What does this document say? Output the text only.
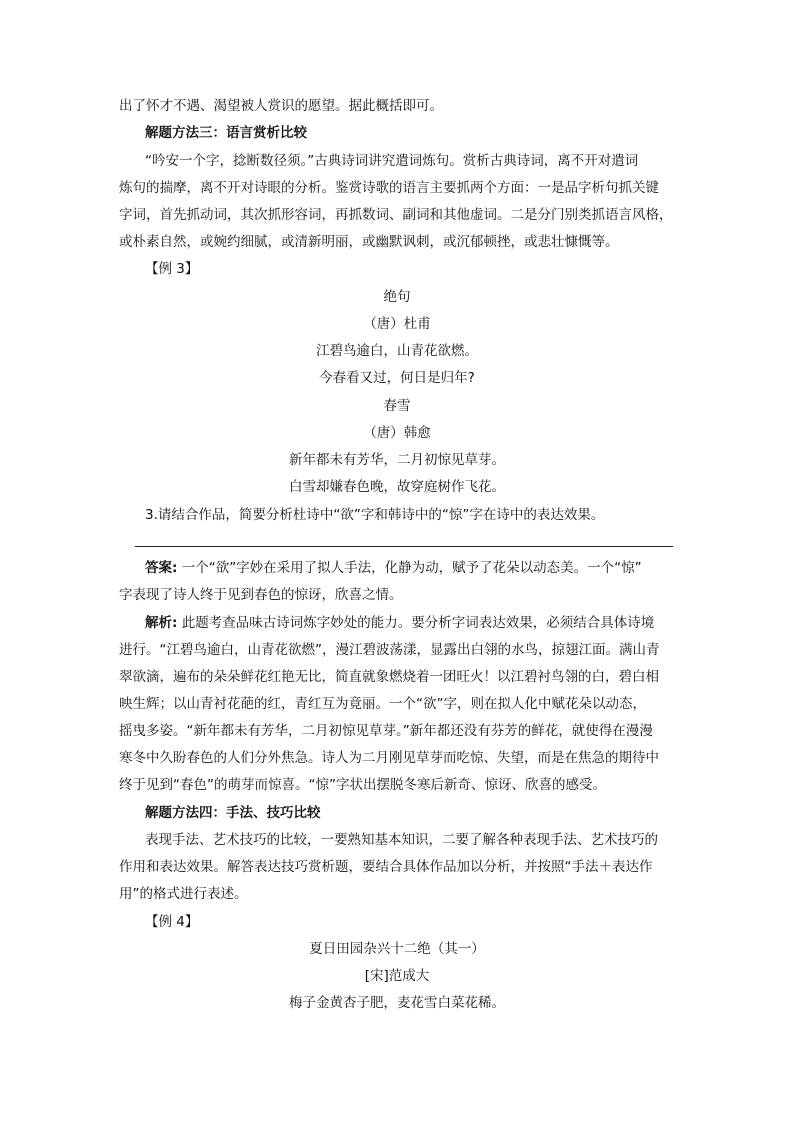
出了怀才不遇、渴望被人赏识的愿望。据此概括即可。
解题方法三：语言赏析比较
“吟安一个字，捻断数径须。”古典诗词讲究遣词炼句。赏析古典诗词，离不开对遣词
炼句的揣摩，离不开对诗眼的分析。鉴赏诗歌的语言主要抓两个方面：一是品字析句抓关键
字词，首先抓动词，其次抓形容词，再抓数词、副词和其他虚词。二是分门别类抓语言风格，
或朴素自然，或婉约细腻，或清新明丽，或幽默讽刺，或沉郁顿挫，或悲壮慷慨等。
【例 3】
绝句
（唐）杜甫
江碧鸟逾白，山青花欲燃。
今春看又过，何日是归年?
春雪
（唐）韩愈
新年都未有芳华，二月初惊见草芽。
白雪却嫌春色晚，故穿庭树作飞花。
3.请结合作品，简要分析杜诗中“欲”字和韩诗中的“惊”字在诗中的表达效果。
答案: 一个“欲”字妙在采用了拟人手法，化静为动，赋予了花朵以动态美。一个“惊”
字表现了诗人终于见到春色的惊讶，欣喜之情。
解析: 此题考查品味古诗词炼字妙处的能力。要分析字词表达效果，必须结合具体诗境
进行。“江碧鸟逾白，山青花欲燃”，漫江碧波荡漾，显露出白翎的水鸟，掠翅江面。满山青
翠欲滴，遍布的朵朵鲜花红艳无比，简直就象燃烧着一团旺火！以江碧衬鸟翎的白，碧白相
映生辉；以山青衬花葩的红，青红互为竟丽。一个“欲”字，则在拟人化中赋花朵以动态，
摇曳多姿。“新年都未有芳华，二月初惊见草芽。”新年都还没有芬芳的鲜花，就使得在漫漫
寒冬中久盼春色的人们分外焦急。诗人为二月刚见草芽而吃惊、失望，而是在焦急的期待中
终于见到“春色”的萌芽而惊喜。“惊”字状出摆脱冬寒后新奇、惊讶、欣喜的感受。
解题方法四：手法、技巧比较
表现手法、艺术技巧的比较，一要熟知基本知识，二要了解各种表现手法、艺术技巧的
作用和表达效果。解答表达技巧赏析题，要结合具体作品加以分析，并按照“手法＋表达作
用”的格式进行表述。
【例 4】
夏日田园杂兴十二绝（其一）
[宋]范成大
梅子金黄杏子肥，麦花雪白菜花稀。
